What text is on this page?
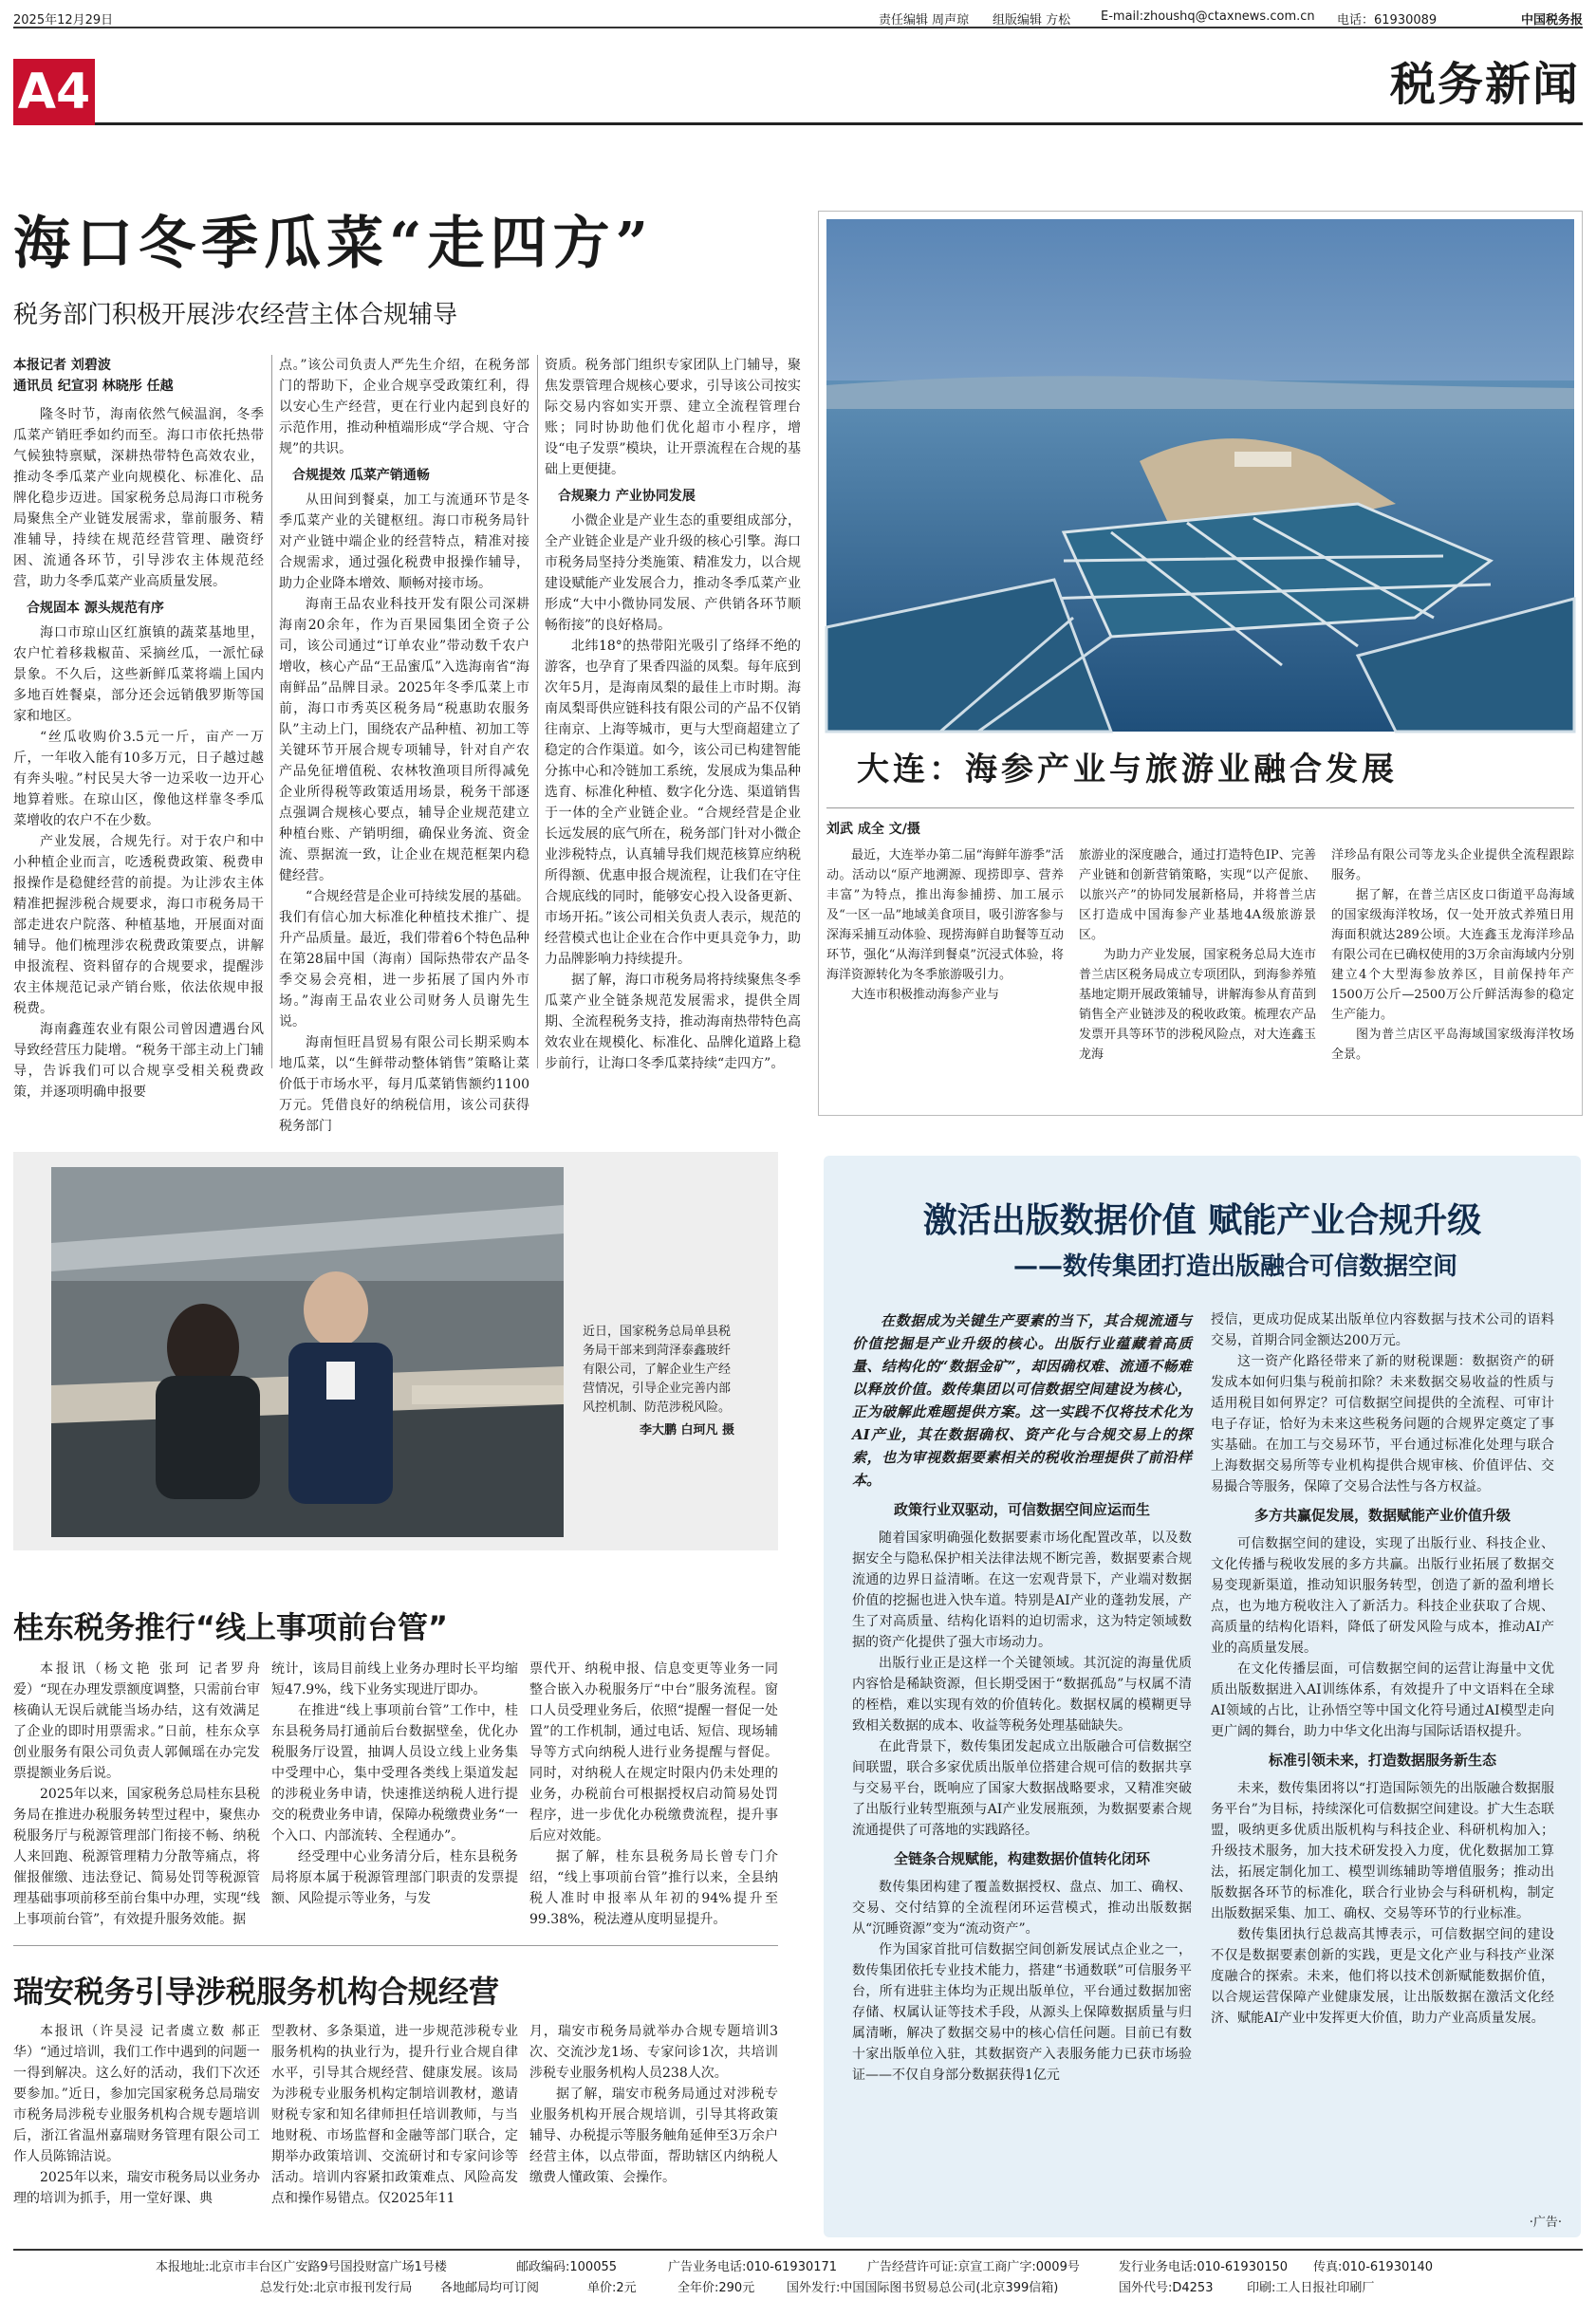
2025年12月29日	责任编辑 周声琼 组版编辑 方松 E-mail:zhoushq@ctaxnews.com.cn 电话：61930089	中国税务报
A4	税务新闻
海口冬季瓜菜“走四方”
税务部门积极开展涉农经营主体合规辅导
本报记者 刘碧波
通讯员 纪宣羽 林晓彤 任越

隆冬时节，海南依然气候温润，冬季瓜菜产销旺季如约而至。海口市依托热带气候独特禀赋，深耕热带特色高效农业，推动冬季瓜菜产业向规模化、标准化、品牌化稳步迈进。国家税务总局海口市税务局聚焦全产业链发展需求，靠前服务、精准辅导，持续在规范经营管理、融资纾困、流通各环节，引导涉农主体规范经营，助力冬季瓜菜产业高质量发展。

合规固本 源头规范有序

海口市琼山区红旗镇的蔬菜基地里，农户忙着移栽椒苗、采摘丝瓜，一派忙碌景象。不久后，这些新鲜瓜菜将端上国内多地百姓餐桌，部分还会远销俄罗斯等国家和地区。

“丝瓜收购价3.5元一斤，亩产一万斤，一年收入能有10多万元，日子越过越有奔头啦。”村民吴大爷一边采收一边开心地算着账。在琼山区，像他这样靠冬季瓜菜增收的农户不在少数。

产业发展，合规先行。对于农户和中小种植企业而言，吃透税费政策、税费申报操作是稳健经营的前提。为让涉农主体精准把握涉税合规要求，海口市税务局干部走进农户院落、种植基地，开展面对面辅导。他们梳理涉农税费政策要点，讲解申报流程、资料留存的合规要求，提醒涉农主体规范记录产销台账，依法依规申报税费。

海南鑫莲农业有限公司曾因遭遇台风导致经营压力陡增。“税务干部主动上门辅导，告诉我们可以合规享受相关税费政策，并逐项明确申报要

点。”该公司负责人严先生介绍，在税务部门的帮助下，企业合规享受政策红利，得以安心生产经营，更在行业内起到良好的示范作用，推动种植端形成“学合规、守合规”的共识。

合规提效 瓜菜产销通畅

从田间到餐桌，加工与流通环节是冬季瓜菜产业的关键枢纽。海口市税务局针对产业链中端企业的经营特点，精准对接合规需求，通过强化税费申报操作辅导，助力企业降本增效、顺畅对接市场。

海南王品农业科技开发有限公司深耕海南20余年，作为百果园集团全资子公司，该公司通过“订单农业”带动数千农户增收，核心产品“王品蜜瓜”入选海南省“海南鲜品”品牌目录。2025年冬季瓜菜上市前，海口市秀英区税务局“税惠助农服务队”主动上门，围绕农产品种植、初加工等关键环节开展合规专项辅导，针对自产农产品免征增值税、农林牧渔项目所得减免企业所得税等政策适用场景，税务干部逐点强调合规核心要点，辅导企业规范建立种植台账、产销明细，确保业务流、资金流、票据流一致，让企业在规范框架内稳健经营。

“合规经营是企业可持续发展的基础。我们有信心加大标准化种植技术推广、提升产品质量。最近，我们带着6个特色品种在第28届中国（海南）国际热带农产品冬季交易会亮相，进一步拓展了国内外市场。”海南王品农业公司财务人员谢先生说。

海南恒旺昌贸易有限公司长期采购本地瓜菜，以“生鲜带动整体销售”策略让菜价低于市场水平，每月瓜菜销售额约1100万元。凭借良好的纳税信用，该公司获得税务部门

资质。税务部门组织专家团队上门辅导，聚焦发票管理合规核心要求，引导该公司按实际交易内容如实开票、建立全流程管理台账；同时协助他们优化超市小程序，增设“电子发票”模块，让开票流程在合规的基础上更便捷。

合规聚力 产业协同发展

小微企业是产业生态的重要组成部分，全产业链企业是产业升级的核心引擎。海口市税务局坚持分类施策、精准发力，以合规建设赋能产业发展合力，推动冬季瓜菜产业形成“大中小微协同发展、产供销各环节顺畅衔接”的良好格局。

北纬18°的热带阳光吸引了络绎不绝的游客，也孕育了果香四溢的凤梨。每年底到次年5月，是海南凤梨的最佳上市时期。海南凤梨哥供应链科技有限公司的产品不仅销往南京、上海等城市，更与大型商超建立了稳定的合作渠道。如今，该公司已构建智能分拣中心和冷链加工系统，发展成为集品种选育、标准化种植、数字化分选、渠道销售于一体的全产业链企业。“合规经营是企业长远发展的底气所在，税务部门针对小微企业涉税特点，认真辅导我们规范核算应纳税所得额、优惠申报合规流程，让我们在守住合规底线的同时，能够安心投入设备更新、市场开拓。”该公司相关负责人表示，规范的经营模式也让企业在合作中更具竞争力，助力品牌影响力持续提升。

据了解，海口市税务局将持续聚焦冬季瓜菜产业全链条规范发展需求，提供全周期、全流程税务支持，推动海南热带特色高效农业在规模化、标准化、品牌化道路上稳步前行，让海口冬季瓜菜持续“走四方”。

大连：海参产业与旅游业融合发展
刘武 成全 文/摄

最近，大连举办第二届“海鲜年游季”活动。活动以“原产地溯源、现捞即享、营养丰富”为特点，推出海参捕捞、加工展示及“一区一品”地域美食项目，吸引游客参与深海采捕互动体验、现捞海鲜自助餐等互动环节，强化“从海洋到餐桌”沉浸式体验，将海洋资源转化为冬季旅游吸引力。

大连市积极推动海参产业与

旅游业的深度融合，通过打造特色IP、完善产业链和创新营销策略，实现“以产促旅、以旅兴产”的协同发展新格局，并将普兰店区打造成中国海参产业基地4A级旅游景区。

为助力产业发展，国家税务总局大连市普兰店区税务局成立专项团队，到海参养殖基地定期开展政策辅导，讲解海参从育苗到销售全产业链涉及的税收政策。梳理农产品发票开具等环节的涉税风险点，对大连鑫玉龙海

洋珍品有限公司等龙头企业提供全流程跟踪服务。

据了解，在普兰店区皮口街道平岛海域的国家级海洋牧场，仅一处开放式养殖日用海面积就达289公顷。大连鑫玉龙海洋珍品有限公司在已确权使用的3万余亩海域内分别建立4个大型海参放养区，目前保持年产1500万公斤—2500万公斤鲜活海参的稳定生产能力。

图为普兰店区平岛海域国家级海洋牧场全景。

近日，国家税务总局单县税务局干部来到菏泽泰鑫玻纤有限公司，了解企业生产经营情况，引导企业完善内部风控机制、防范涉税风险。
李大鹏 白珂凡 摄
桂东税务推行“线上事项前台管”

本报讯（杨文艳 张珂 记者罗舟爱）“现在办理发票额度调整，只需前台审核确认无误后就能当场办结，这有效满足了企业的即时用票需求。”日前，桂东众享创业服务有限公司负责人郭佩瑶在办完发票提额业务后说。

2025年以来，国家税务总局桂东县税务局在推进办税服务转型过程中，聚焦办税服务厅与税源管理部门衔接不畅、纳税人来回跑、税源管理精力分散等痛点，将催报催缴、违法登记、简易处罚等税源管理基础事项前移至前台集中办理，实现“线上事项前台管”，有效提升服务效能。据

统计，该局目前线上业务办理时长平均缩短47.9%，线下业务实现进厅即办。

在推进“线上事项前台管”工作中，桂东县税务局打通前后台数据壁垒，优化办税服务厅设置，抽调人员设立线上业务集中受理中心，集中受理各类线上渠道发起的涉税业务申请，快速推送纳税人进行提交的税费业务申请，保障办税缴费业务“一个入口、内部流转、全程通办”。

经受理中心业务清分后，桂东县税务局将原本属于税源管理部门职责的发票提额、风险提示等业务，与发

票代开、纳税申报、信息变更等业务一同整合嵌入办税服务厅“中台”服务流程。窗口人员受理业务后，依照“提醒一督促一处置”的工作机制，通过电话、短信、现场辅导等方式向纳税人进行业务提醒与督促。同时，对纳税人在规定时限内仍未处理的业务，办税前台可根据授权启动简易处罚程序，进一步优化办税缴费流程，提升事后应对效能。

据了解，桂东县税务局长曾专门介绍，“线上事项前台管”推行以来，全县纳税人准时申报率从年初的94%提升至99.38%，税法遵从度明显提升。

瑞安税务引导涉税服务机构合规经营

本报讯（许昊浸 记者虞立数 郝正华）“通过培训，我们工作中遇到的问题一一得到解决。这么好的活动，我们下次还要参加。”近日，参加完国家税务总局瑞安市税务局涉税专业服务机构合规专题培训后，浙江省温州嘉瑞财务管理有限公司工作人员陈锦洁说。

2025年以来，瑞安市税务局以业务办理的培训为抓手，用一堂好课、典

型教材、多条渠道，进一步规范涉税专业服务机构的执业行为，提升行业合规自律水平，引导其合规经营、健康发展。该局为涉税专业服务机构定制培训教材，邀请财税专家和知名律师担任培训教师，与当地财税、市场监督和金融等部门联合，定期举办政策培训、交流研讨和专家问诊等活动。培训内容紧扣政策难点、风险高发点和操作易错点。仅2025年11

月，瑞安市税务局就举办合规专题培训3次、交流沙龙1场、专家问诊1次，共培训涉税专业服务机构人员238人次。

据了解，瑞安市税务局通过对涉税专业服务机构开展合规培训，引导其将政策辅导、办税提示等服务触角延伸至3万余户经营主体，以点带面，帮助辖区内纳税人缴费人懂政策、会操作。

激活出版数据价值 赋能产业合规升级
——数传集团打造出版融合可信数据空间

在数据成为关键生产要素的当下，其合规流通与价值挖掘是产业升级的核心。出版行业蕴藏着高质量、结构化的“数据金矿”，却因确权难、流通不畅难以释放价值。数传集团以可信数据空间建设为核心，正为破解此难题提供方案。这一实践不仅将技术化为AI产业，其在数据确权、资产化与合规交易上的探索，也为审视数据要素相关的税收治理提供了前沿样本。

政策行业双驱动，可信数据空间应运而生

随着国家明确强化数据要素市场化配置改革，以及数据安全与隐私保护相关法律法规不断完善，数据要素合规流通的边界日益清晰。在这一宏观背景下，产业端对数据价值的挖掘也进入快车道。特别是AI产业的蓬勃发展，产生了对高质量、结构化语料的迫切需求，这为特定领域数据的资产化提供了强大市场动力。

出版行业正是这样一个关键领域。其沉淀的海量优质内容恰是稀缺资源，但长期受困于“数据孤岛”与权属不清的桎梏，难以实现有效的价值转化。数据权属的模糊更导致相关数据的成本、收益等税务处理基础缺失。

在此背景下，数传集团发起成立出版融合可信数据空间联盟，联合多家优质出版单位搭建合规可信的数据共享与交易平台，既响应了国家大数据战略要求，又精准突破了出版行业转型瓶颈与AI产业发展瓶颈，为数据要素合规流通提供了可落地的实践路径。

全链条合规赋能，构建数据价值转化闭环

数传集团构建了覆盖数据授权、盘点、加工、确权、交易、交付结算的全流程闭环运营模式，推动出版数据从“沉睡资源”变为“流动资产”。

作为国家首批可信数据空间创新发展试点企业之一，数传集团依托专业技术能力，搭建“书通数联”可信服务平台，所有进驻主体均为正规出版单位，平台通过数据加密存储、权属认证等技术手段，从源头上保障数据质量与归属清晰，解决了数据交易中的核心信任问题。目前已有数十家出版单位入驻，其数据资产入表服务能力已获市场验证——不仅自身部分数据获得1亿元

授信，更成功促成某出版单位内容数据与技术公司的语料交易，首期合同金额达200万元。

这一资产化路径带来了新的财税课题：数据资产的研发成本如何归集与税前扣除？未来数据交易收益的性质与适用税目如何界定？可信数据空间提供的全流程、可审计电子存证，恰好为未来这些税务问题的合规界定奠定了事实基础。在加工与交易环节，平台通过标准化处理与联合上海数据交易所等专业机构提供合规审核、价值评估、交易撮合等服务，保障了交易合法性与各方权益。

多方共赢促发展，数据赋能产业价值升级

可信数据空间的建设，实现了出版行业、科技企业、文化传播与税收发展的多方共赢。出版行业拓展了数据交易变现新渠道，推动知识服务转型，创造了新的盈利增长点，也为地方税收注入了新活力。科技企业获取了合规、高质量的结构化语料，降低了研发风险与成本，推动AI产业的高质量发展。

在文化传播层面，可信数据空间的运营让海量中文优质出版数据进入AI训练体系，有效提升了中文语料在全球AI领域的占比，让孙悟空等中国文化符号通过AI模型走向更广阔的舞台，助力中华文化出海与国际话语权提升。

标准引领未来，打造数据服务新生态

未来，数传集团将以“打造国际领先的出版融合数据服务平台”为目标，持续深化可信数据空间建设。扩大生态联盟，吸纳更多优质出版机构与科技企业、科研机构加入；升级技术服务，加大技术研发投入力度，优化数据加工算法，拓展定制化加工、模型训练辅助等增值服务；推动出版数据各环节的标准化，联合行业协会与科研机构，制定出版数据采集、加工、确权、交易等环节的行业标准。

数传集团执行总裁高其博表示，可信数据空间的建设不仅是数据要素创新的实践，更是文化产业与科技产业深度融合的探索。未来，他们将以技术创新赋能数据价值，以合规运营保障产业健康发展，让出版数据在激活文化经济、赋能AI产业中发挥更大价值，助力产业高质量发展。

·广告·
本报地址:北京市丰台区广安路9号国投财富广场1号楼	邮政编码:100055	广告业务电话:010-61930171 广告经营许可证:京宣工商广字:0009号	发行业务电话:010-61930150 传真:010-61930140
总发行处:北京市报刊发行局 各地邮局均可订阅	单价:2元	全年价:290元	国外发行:中国国际图书贸易总公司(北京399信箱)	国外代号:D4253	印刷:工人日报社印刷厂
